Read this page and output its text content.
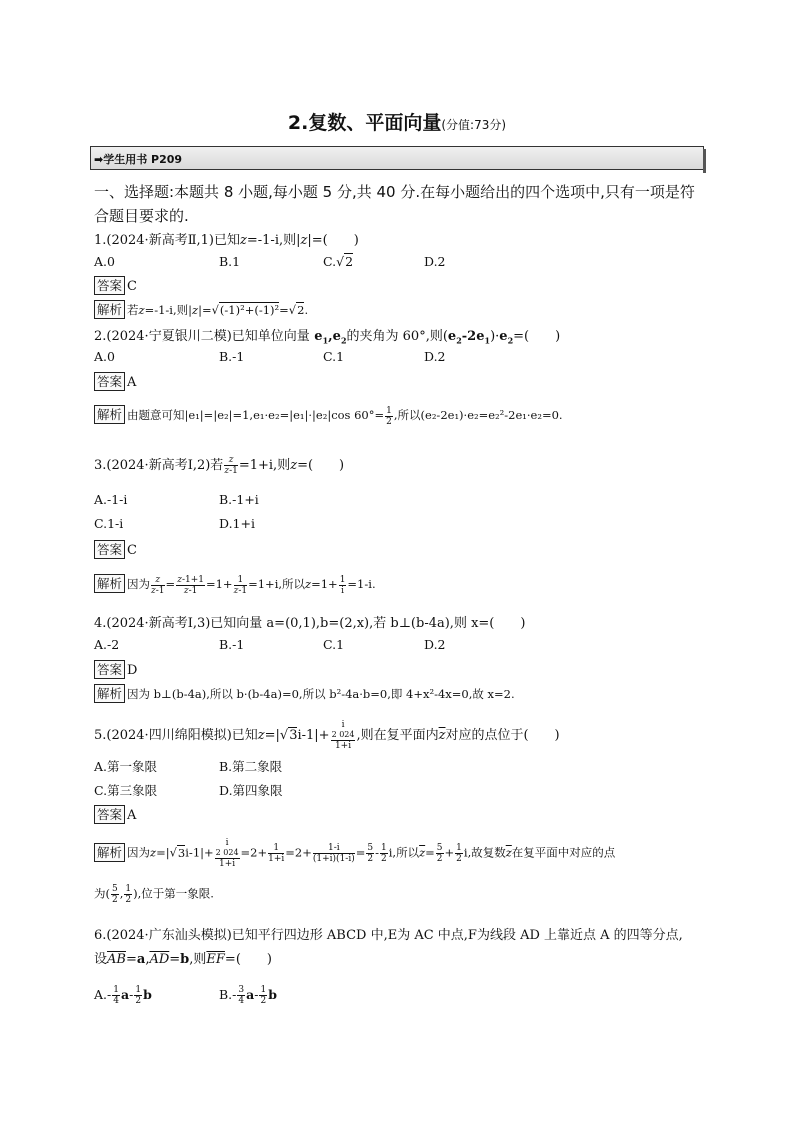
2.复数、平面向量(分值:73分)
➡学生用书 P209
一、选择题:本题共 8 小题,每小题 5 分,共 40 分.在每小题给出的四个选项中,只有一项是符合题目要求的.
1.(2024·新高考Ⅱ,1)已知z=-1-i,则|z|=(　　)
A.0	B.1	C.√2	D.2
答案 C
解析 若z=-1-i,则|z|=√(-1)²+(-1)²=√2.
2.(2024·宁夏银川二模)已知单位向量 $e_1,e_2$的夹角为 60°,则$(e_2-2e_1)\cdot e_2=$(　　)
A.0	B.-1	C.1	D.2
答案 A
解析 由题意可知|e₁|=|e₂|=1,e₁·e₂=|e₁|·|e₂|cos $60^\circ= \frac{1}{2}$ ,所以(e₂-2e₁)·e₂=e₂²-2e₁·e₂=0.
3.(2024·新高考Ⅰ,2)若 $\frac{z}{z-1} =1+i$,则z=(　　)
A.-1-i	B.-1+i
C.1-i	D.1+i
答案 C
解析 因为 $\frac{z}{z-1} = \frac{z-1+1}{z-1} =1+ \frac{1}{z-1} =1+i$,所以$z=1+ \frac{1}{i} =1-i$.
4.(2024·新高考Ⅰ,3)已知向量 a=(0,1),b=(2,x),若 b⊥(b-4a),则 x=(　　)
A.-2	B.-1	C.1	D.2
答案 D
解析 因为 b⊥(b-4a),所以 b·(b-4a)=0,所以 b²-4a·b=0,即 4+x²-4x=0,故 x=2.
5.(2024·四川绵阳模拟)已知z=|√3i-1|+ i
2 024
1+i ,则在复平面内$\overline{z}$对应的点位于(　　)
A.第一象限	B.第二象限
C.第三象限	D.第四象限
答案 A
解析 因为z=|√3i-1|+ i
2 024
$1+i =2+ \frac{1}{1+i} =2+ \frac{1-i}{(1+i)(1-i)} = \frac{5}{2} - \frac{1}{2} i$,所以$\overline{z}= \frac{5}{2} + \frac{1}{2} i$,故复数$\overline{z}$在复平面中对应的点
为( $\frac{5}{2}$ , $\frac{1}{2}$ ),位于第一象限.
6.(2024·广东汕头模拟)已知平行四边形 ABCD 中,E为 AC 中点,F为线段 AD 上靠近点 A 的四等分点,
设$\overline{AB}=a,\overline{AD}=b$,则$\overline{EF}=$(　　)
$A.- \frac{1}{4} a- \frac{1}{2}$ b	$B.- \frac{3}{4} a- \frac{1}{2}$ b
